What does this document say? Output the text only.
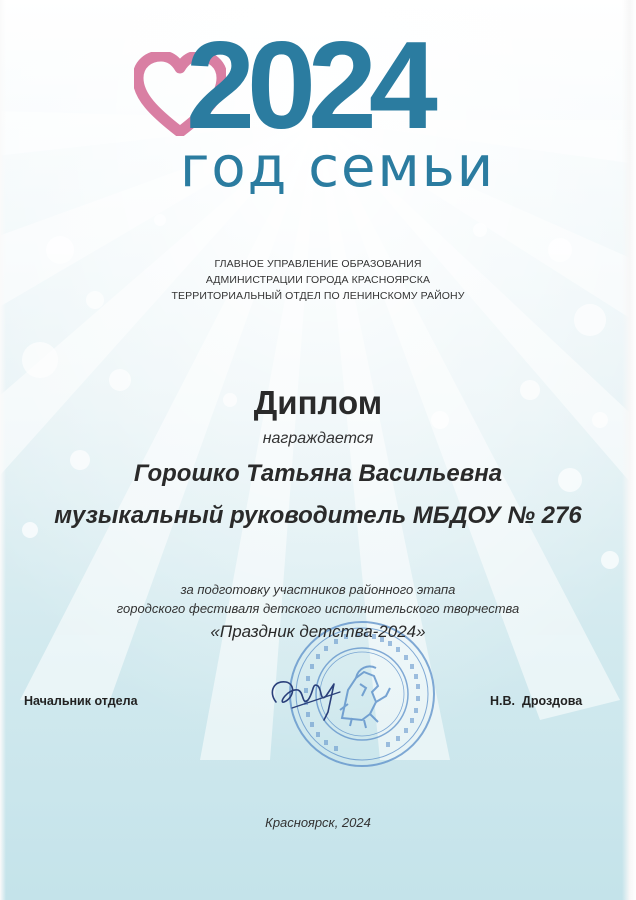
2024
год семьи
ГЛАВНОЕ УПРАВЛЕНИЕ ОБРАЗОВАНИЯ
АДМИНИСТРАЦИИ ГОРОДА КРАСНОЯРСКА
ТЕРРИТОРИАЛЬНЫЙ ОТДЕЛ ПО ЛЕНИНСКОМУ РАЙОНУ
Диплом
награждается
Горошко Татьяна Васильевна
музыкальный руководитель МБДОУ № 276
за подготовку участников районного этапа
городского фестиваля детского исполнительского творчества
«Праздник детства-2024»
Начальник отдела	Н.В.  Дроздова
Красноярск, 2024
